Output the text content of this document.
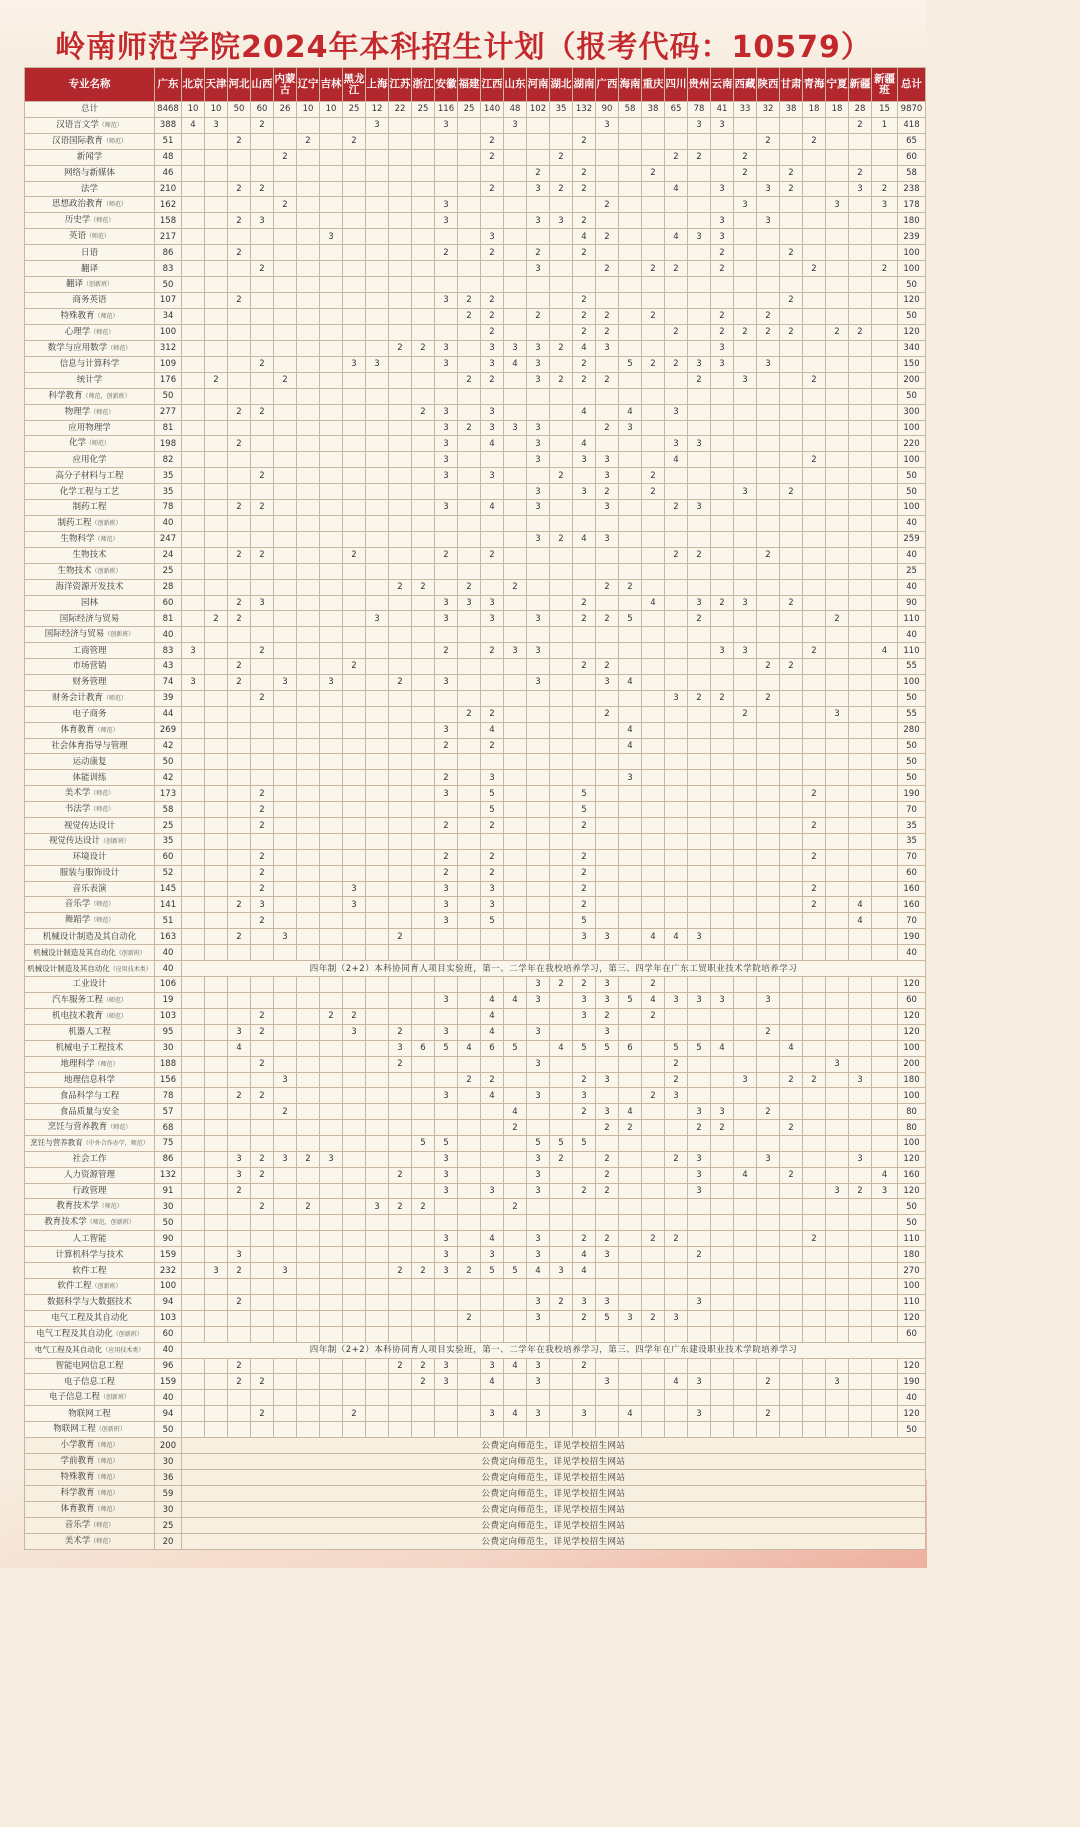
岭南师范学院2024年本科招生计划（报考代码：10579）
专业名称	广东	北京	天津	河北	山西	内蒙古	辽宁	吉林	黑龙江	上海	江苏	浙江	安徽	福建	江西	山东	河南	湖北	湖南	广西	海南	重庆	四川	贵州	云南	西藏	陕西	甘肃	青海	宁夏	新疆	新疆班	总计	
总计	8468	10	10	50	60	26	10	10	25	12	22	25	116	25	140	48	102	35	132	90	58	38	65	78	41	33	32	38	18	18	28	15	9870	
汉语言文学（师范）	388	4	3		2					3			3			3				3				3	3						2	1	418	
汉语国际教育（师范）	51			2			2		2						2				2								2		2				65	
新闻学	48					2									2			2					2	2		2							60	
网络与新媒体	46																2		2			2				2		2			2		58	
法学	210			2	2										2		3	2	2				4		3		3	2			3	2	238	
思想政治教育（师范）	162					2							3							2						3				3		3	178	
历史学（师范）	158			2	3								3				3	3	2						3		3						180	
英语（师范）	217							3							3				4	2			4	3	3								239	
日语	86			2									2		2		2		2						2			2					100	
翻译	83				2												3			2		2	2		2				2			2	100	
翻译（创新班）	50																																50	
商务英语	107			2									3	2	2				2									2					120	
特殊教育（师范）	34													2	2		2		2	2		2			2		2						50	
心理学（师范）	100														2				2	2			2		2	2	2	2		2	2		120	
数学与应用数学（师范）	312										2	2	3		3	3	3	2	4	3					3								340	
信息与计算科学	109				2				3	3			3		3	4	3		2		5	2	2	3	3		3						150	
统计学	176		2			2								2	2		3	2	2	2				2		3			2				200	
科学教育（师范，创新班）	50																																50	
物理学（师范）	277			2	2							2	3		3				4		4		3										300	
应用物理学	81												3	2	3	3	3			2	3												100	
化学（师范）	198			2									3		4		3		4				3	3									220	
应用化学	82												3				3		3	3			4						2				100	
高分子材料与工程	35				2								3		3			2		3		2											50	
化学工程与工艺	35																3		3	2		2				3		2					50	
制药工程	78			2	2								3		4		3			3			2	3									100	
制药工程（创新班）	40																																40	
生物科学（师范）	247																3	2	4	3													259	
生物技术	24			2	2				2				2		2								2	2			2						40	
生物技术（创新班）	25																																25	
海洋资源开发技术	28										2	2		2		2				2	2												40	
园林	60			2	3								3	3	3				2			4		3	2	3		2					90	
国际经济与贸易	81		2	2						3			3		3		3		2	2	5			2						2			110	
国际经济与贸易（创新班）	40																																40	
工商管理	83	3			2								2		2	3	3								3	3			2			4	110	
市场营销	43			2					2										2	2							2	2					55	
财务管理	74	3		2		3		3			2		3				3			3	4												100	
财务会计教育（师范）	39				2																		3	2	2		2						50	
电子商务	44													2	2					2						2				3			55	
体育教育（师范）	269												3		4						4												280	
社会体育指导与管理	42												2		2						4												50	
运动康复	50																																50	
体能训练	42												2		3						3												50	
美术学（师范）	173				2								3		5				5										2				190	
书法学（师范）	58				2										5				5														70	
视觉传达设计	25				2								2		2				2										2				35	
视觉传达设计（创新班）	35																																35	
环境设计	60				2								2		2				2										2				70	
服装与服饰设计	52				2								2		2				2														60	
音乐表演	145				2				3				3		3				2										2				160	
音乐学（师范）	141			2	3				3				3		3				2										2		4		160	
舞蹈学（师范）	51				2								3		5				5												4		70	
机械设计制造及其自动化	163			2		3					2								3	3		4	4	3									190	
机械设计制造及其自动化（创新班）	40																																40	
机械设计制造及其自动化（应用技术类）	40	四年制（2+2）本科协同育人项目实验班，第一、二学年在我校培养学习，第三、四学年在广东工贸职业技术学院培养学习	
工业设计	106																3	2	2	3		2											120	
汽车服务工程（师范）	19												3		4	4	3		3	3	5	4	3	3	3		3						60	
机电技术教育（师范）	103				2			2	2						4				3	2		2											120	
机器人工程	95			3	2				3		2		3		4		3			3							2						120	
机械电子工程技术	30			4							3	6	5	4	6	5		4	5	5	6		5	5	4			4					100	
地理科学（师范）	188				2						2						3						2							3			200	
地理信息科学	156					3								2	2				2	3			2			3		2	2		3		180	
食品科学与工程	78			2	2								3		4		3		3			2	3										100	
食品质量与安全	57					2										4			2	3	4			3	3		2						80	
烹饪与营养教育（师范）	68															2				2	2			2	2			2					80	
烹饪与营养教育（中外合作办学，师范）	75											5	5				5	5	5														100	
社会工作	86			3	2	3	2	3					3				3	2		2			2	3			3				3		120	
人力资源管理	132			3	2						2		3				3			2				3		4		2				4	160	
行政管理	91			2									3		3		3		2	2				3						3	2	3	120	
教育技术学（师范）	30				2		2			3	2	2				2																	50	
教育技术学（师范，创新班）	50																																50	
人工智能	90												3		4		3		2	2		2	2						2				110	
计算机科学与技术	159			3									3		3		3		4	3				2									180	
软件工程	232		3	2		3					2	2	3	2	5	5	4	3	4														270	
软件工程（创新班）	100																																100	
数据科学与大数据技术	94			2													3	2	3	3				3									110	
电气工程及其自动化	103													2			3		2	5	3	2	3										120	
电气工程及其自动化（创新班）	60																																60	
电气工程及其自动化（应用技术类）	40	四年制（2+2）本科协同育人项目实验班，第一、二学年在我校培养学习，第三、四学年在广东建设职业技术学院培养学习	
智能电网信息工程	96			2							2	2	3		3	4	3		2														120	
电子信息工程	159			2	2							2	3		4		3			3			4	3			2			3			190	
电子信息工程（创新班）	40																																40	
物联网工程	94				2				2						3	4	3		3		4			3			2						120	
物联网工程（创新班）	50																																50	
小学教育（师范）	200	公费定向师范生，详见学校招生网站	
学前教育（师范）	30	公费定向师范生，详见学校招生网站	
特殊教育（师范）	36	公费定向师范生，详见学校招生网站	
科学教育（师范）	59	公费定向师范生，详见学校招生网站	
体育教育（师范）	30	公费定向师范生，详见学校招生网站	
音乐学（师范）	25	公费定向师范生，详见学校招生网站	
美术学（师范）	20	公费定向师范生，详见学校招生网站	
